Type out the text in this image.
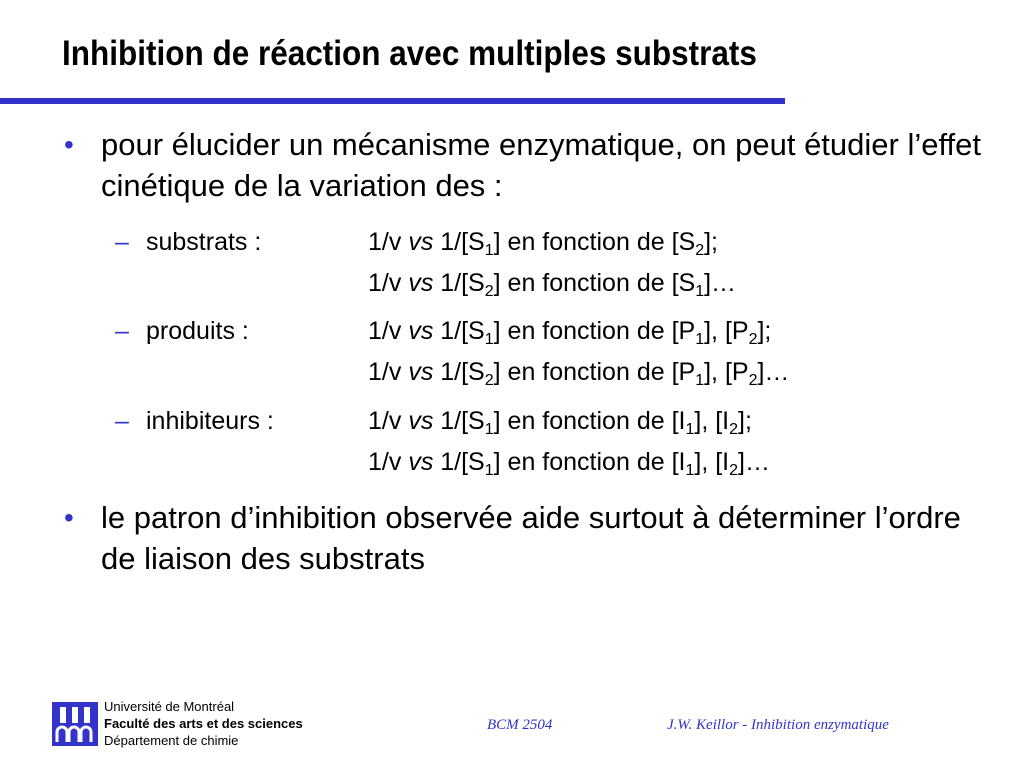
Inhibition de réaction avec multiples substrats
• pour élucider un mécanisme enzymatique, on peut étudier l’effet cinétique de la variation des :
– substrats :	1/v vs $1/[S_1]$ en fonction de $[S_2]$;
1/v vs $1/[S_2]$ en fonction de $[S_1]\dots$
– produits :	1/v vs $1/[S_1]$ en fonction de $[P_1]$, $[P_2]$;
1/v vs $1/[S_2]$ en fonction de $[P_1]$, $[P_2]\dots$
– inhibiteurs :	1/v vs $1/[S_1]$ en fonction de $[I_1]$, $[I_2]$;
1/v vs $1/[S_1]$ en fonction de $[I_1]$, $[I_2]\dots$
• le patron d’inhibition observée aide surtout à déterminer l’ordre de liaison des substrats
Université de Montréal
Faculté des arts et des sciences
Département de chimie
BCM 2504	J.W. Keillor - Inhibition enzymatique
